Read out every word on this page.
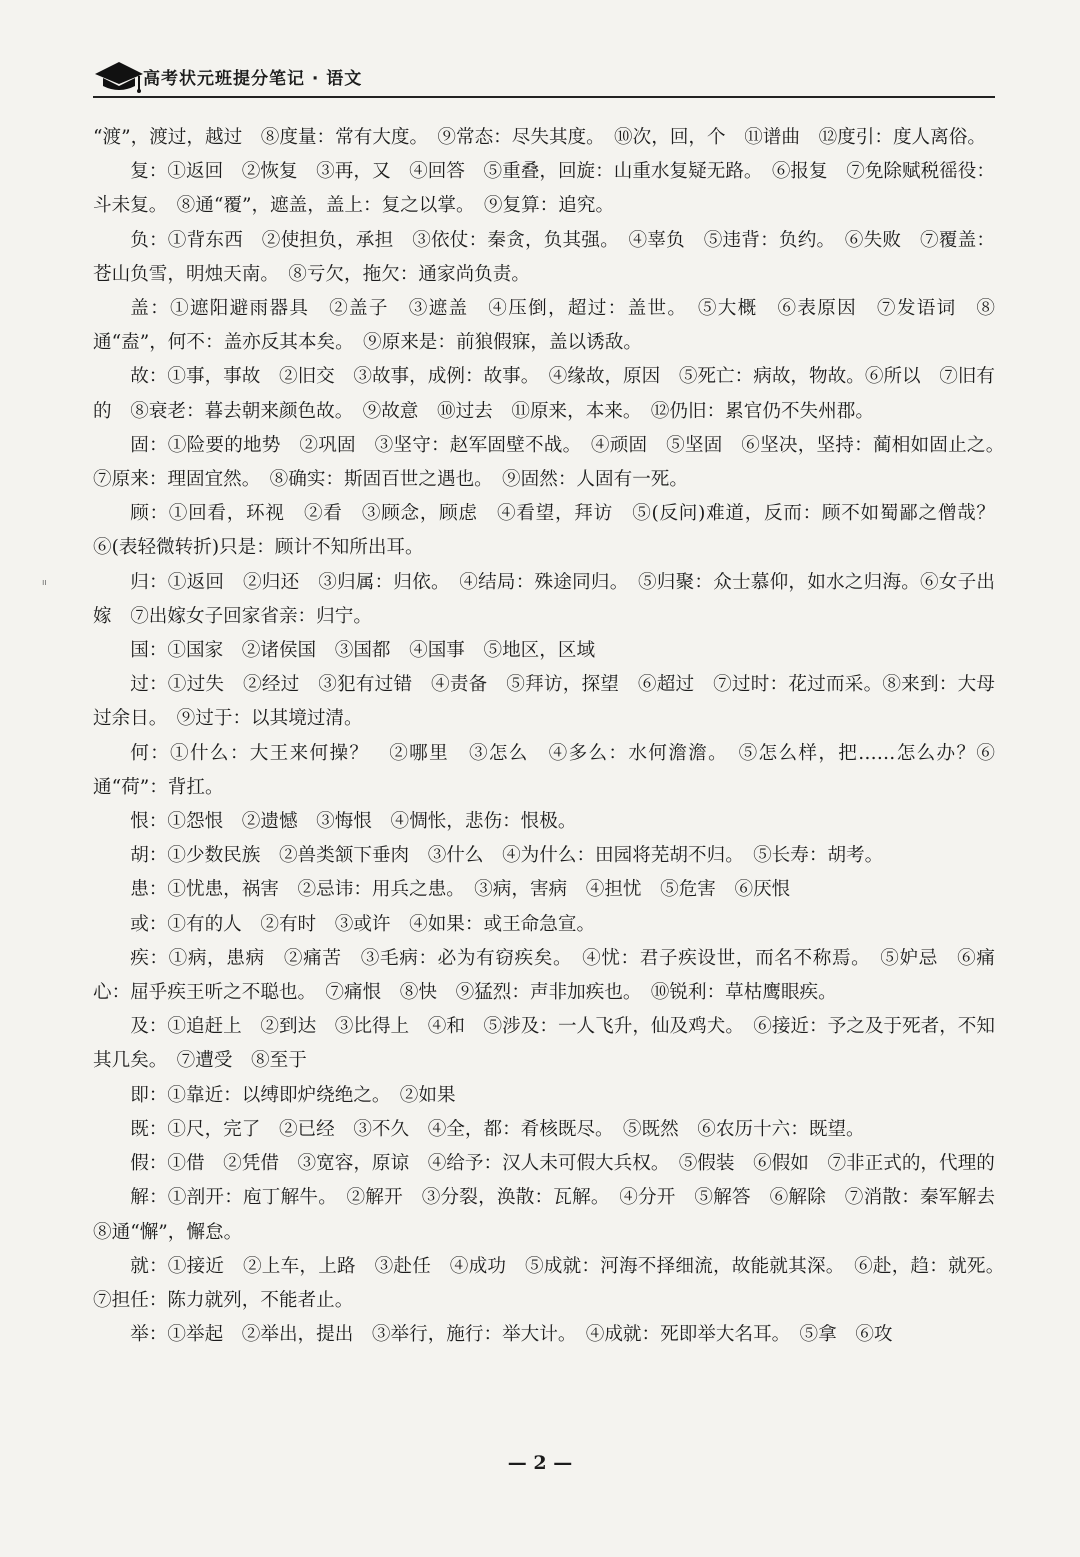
高考状元班提分笔记 · 语文
ᐦ

“渡”，渡过，越过　⑧度量：常有大度。　⑨常态：尽失其度。　⑩次，回，个　⑪谱曲　⑫度引：度人离俗。

复：①返回　②恢复　③再，又　④回答　⑤重叠，回旋：山重水复疑无路。　⑥报复　⑦免除赋税徭役：斗未复。　⑧通“覆”，遮盖，盖上：复之以掌。　⑨复算：追究。

负：①背东西　②使担负，承担　③依仗：秦贪，负其强。　④辜负　⑤违背：负约。　⑥失败　⑦覆盖：苍山负雪，明烛天南。　⑧亏欠，拖欠：通家尚负责。

盖：①遮阳避雨器具　②盖子　③遮盖　④压倒，超过：盖世。　⑤大概　⑥表原因　⑦发语词　⑧通“盍”，何不：盖亦反其本矣。　⑨原来是：前狼假寐，盖以诱敌。

故：①事，事故　②旧交　③故事，成例：故事。　④缘故，原因　⑤死亡：病故，物故。⑥所以　⑦旧有的　⑧衰老：暮去朝来颜色故。　⑨故意　⑩过去　⑪原来，本来。　⑫仍旧：累官仍不失州郡。

固：①险要的地势　②巩固　③坚守：赵军固壁不战。　④顽固　⑤坚固　⑥坚决，坚持：蔺相如固止之。　⑦原来：理固宜然。　⑧确实：斯固百世之遇也。　⑨固然：人固有一死。

顾：①回看，环视　②看　③顾念，顾虑　④看望，拜访　⑤(反问)难道，反而：顾不如蜀鄙之僧哉？　⑥(表轻微转折)只是：顾计不知所出耳。

归：①返回　②归还　③归属：归依。　④结局：殊途同归。　⑤归聚：众士慕仰，如水之归海。⑥女子出嫁　⑦出嫁女子回家省亲：归宁。

国：①国家　②诸侯国　③国都　④国事　⑤地区，区域

过：①过失　②经过　③犯有过错　④责备　⑤拜访，探望　⑥超过　⑦过时：花过而采。⑧来到：大母过余日。　⑨过于：以其境过清。

何：①什么：大王来何操？　②哪里　③怎么　④多么：水何澹澹。　⑤怎么样，把……怎么办？⑥通“荷”：背扛。

恨：①怨恨　②遗憾　③悔恨　④惆怅，悲伤：恨极。

胡：①少数民族　②兽类颔下垂肉　③什么　④为什么：田园将芜胡不归。　⑤长寿：胡考。

患：①忧患，祸害　②忌讳：用兵之患。　③病，害病　④担忧　⑤危害　⑥厌恨

或：①有的人　②有时　③或许　④如果：或王命急宣。

疾：①病，患病　②痛苦　③毛病：必为有窃疾矣。　④忧：君子疾设世，而名不称焉。　⑤妒忌　⑥痛心：屈乎疾王听之不聪也。　⑦痛恨　⑧快　⑨猛烈：声非加疾也。　⑩锐利：草枯鹰眼疾。

及：①追赶上　②到达　③比得上　④和　⑤涉及：一人飞升，仙及鸡犬。　⑥接近：予之及于死者，不知其几矣。　⑦遭受　⑧至于

即：①靠近：以缚即炉绕绝之。　②如果

既：①尺，完了　②已经　③不久　④全，都：肴核既尽。　⑤既然　⑥农历十六：既望。

假：①借　②凭借　③宽容，原谅　④给予：汉人未可假大兵权。　⑤假装　⑥假如　⑦非正式的，代理的

解：①剖开：庖丁解牛。　②解开　③分裂，涣散：瓦解。　④分开　⑤解答　⑥解除　⑦消散：秦军解去　⑧通“懈”，懈怠。

就：①接近　②上车，上路　③赴任　④成功　⑤成就：河海不择细流，故能就其深。　⑥赴，趋：就死。　⑦担任：陈力就列，不能者止。

举：①举起　②举出，提出　③举行，施行：举大计。　④成就：死即举大名耳。　⑤拿　⑥攻

— 2 —
